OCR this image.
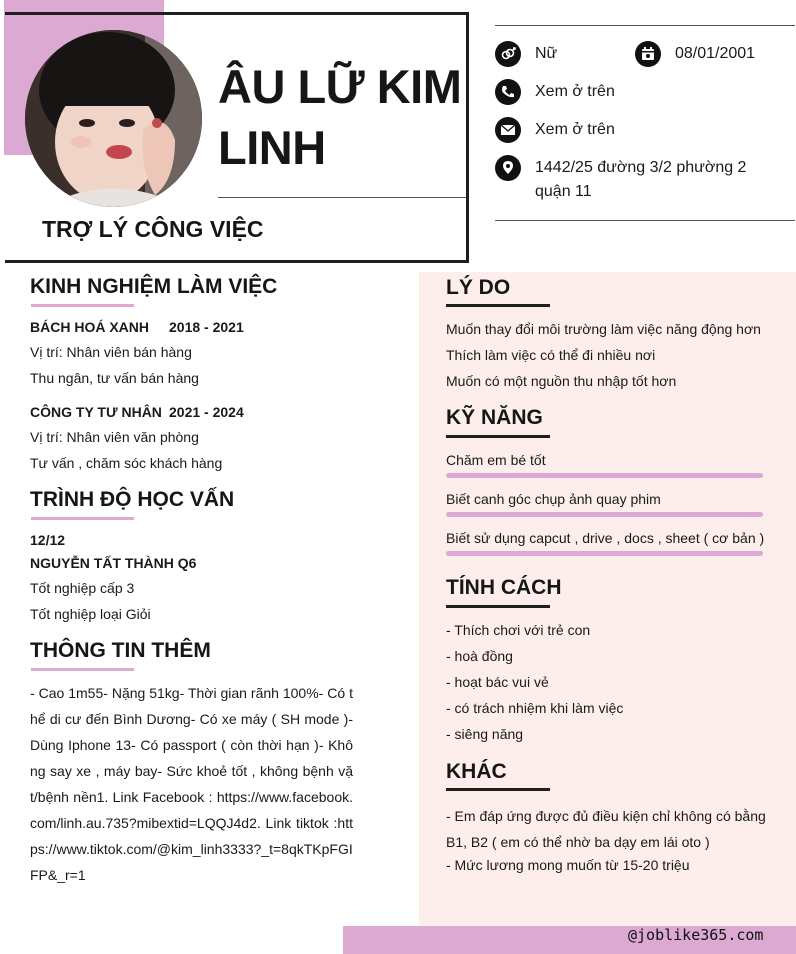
ÂU LỮ KIM LINH
TRỢ LÝ CÔNG VIỆC
Nữ	08/01/2001
Xem ở trên
Xem ở trên
1442/25 đường 3/2 phường 2 quận 11
KINH NGHIỆM LÀM VIỆC
BÁCH HOÁ XANH 2018 - 2021
Vị trí: Nhân viên bán hàng
Thu ngân, tư vấn bán hàng
CÔNG TY TƯ NHÂN 2021 - 2024
Vị trí: Nhân viên văn phòng
Tư vấn , chăm sóc khách hàng
TRÌNH ĐỘ HỌC VẤN
12/12
NGUYỄN TẤT THÀNH Q6
Tốt nghiệp cấp 3
Tốt nghiệp loại Giỏi
THÔNG TIN THÊM
- Cao 1m55- Nặng 51kg- Thời gian rãnh 100%- Có thể di cư đến Bình Dương- Có xe máy ( SH mode )- Dùng Iphone 13- Có passport ( còn thời hạn )- Không say xe , máy bay- Sức khoẻ tốt , không bệnh vặt/bệnh nền1. Link Facebook : https://www.facebook.com/linh.au.735?mibextid=LQQJ4d2. Link tiktok :https://www.tiktok.com/@kim_linh3333?_t=8qkTKpFGIFP&_r=1
LÝ DO
Muốn thay đổi môi trường làm việc năng động hơn
Thích làm việc có thể đi nhiều nơi
Muốn có một nguồn thu nhập tốt hơn
KỸ NĂNG
Chăm em bé tốt
Biết canh góc chụp ảnh quay phim
Biết sử dụng capcut , drive , docs , sheet ( cơ bản )
TÍNH CÁCH
- Thích chơi với trẻ con
- hoà đồng
- hoạt bác vui vẻ
- có trách nhiệm khi làm việc
- siêng năng
KHÁC
- Em đáp ứng được đủ điều kiện chỉ không có bằng B1, B2 ( em có thể nhờ ba dạy em lái oto )
- Mức lương mong muốn từ 15-20 triệu
@joblike365.com
